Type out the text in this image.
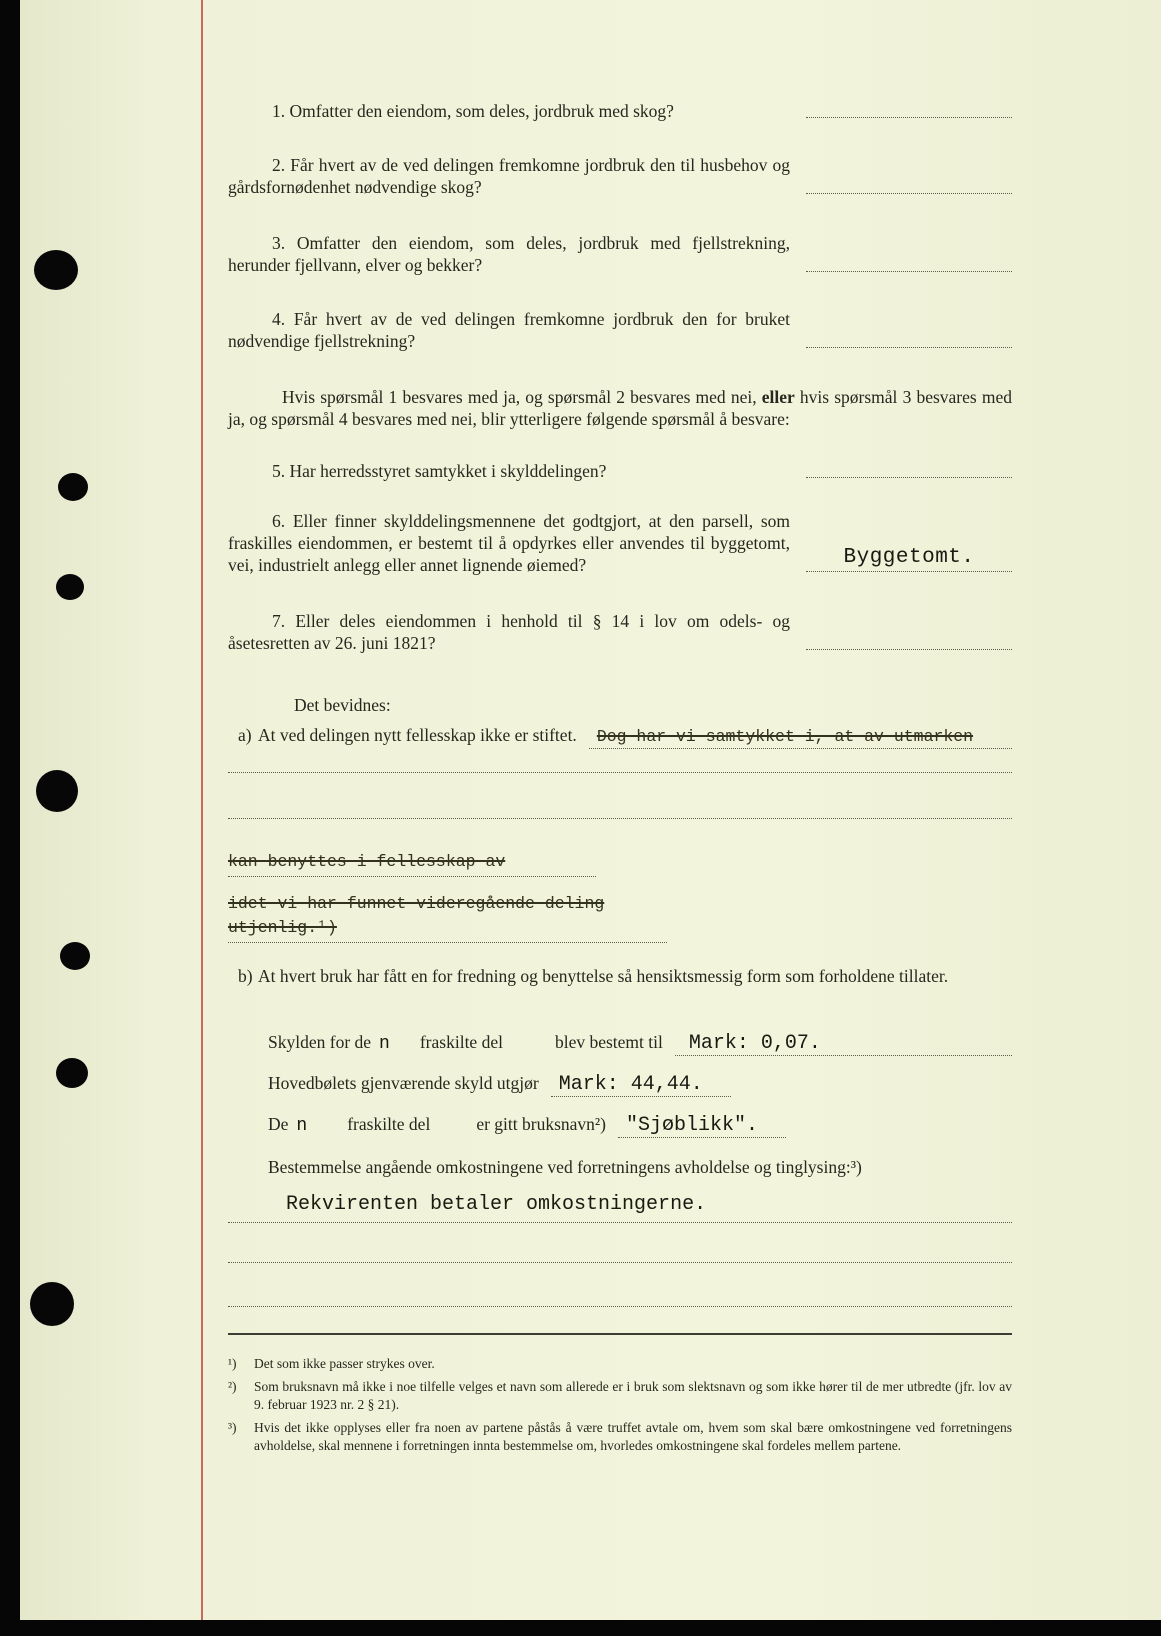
1. Omfatter den eiendom, som deles, jordbruk med skog?
2. Får hvert av de ved delingen fremkomne jordbruk den til husbehov og gårdsfornødenhet nødvendige skog?
3. Omfatter den eiendom, som deles, jordbruk med fjellstrekning, herunder fjellvann, elver og bekker?
4. Får hvert av de ved delingen fremkomne jordbruk den for bruket nødvendige fjellstrekning?
Hvis spørsmål 1 besvares med ja, og spørsmål 2 besvares med nei, eller hvis spørsmål 3 besvares med ja, og spørsmål 4 besvares med nei, blir ytterligere følgende spørsmål å besvare:
5. Har herredsstyret samtykket i skylddelingen?
6. Eller finner skylddelingsmennene det godtgjort, at den parsell, som fraskilles eiendommen, er bestemt til å opdyrkes eller anvendes til byggetomt, vei, industrielt anlegg eller annet lignende øiemed?	Byggetomt.
7. Eller deles eiendommen i henhold til § 14 i lov om odels- og åsetesretten av 26. juni 1821?
Det bevidnes:
a) At ved delingen nytt fellesskap ikke er stiftet.	Dog har vi samtykket i, at av utmarken
kan benyttes i fellesskap av
idet vi har funnet videregående deling utjenlig.¹)
b) At hvert bruk har fått en for fredning og benyttelse så hensiktsmessig form som forholdene tillater.
Skylden for de n fraskilte del	blev bestemt til	Mark: 0,07.
Hovedbølets gjenværende skyld utgjør	Mark: 44,44.
De n fraskilte del	er gitt bruksnavn²)	"Sjøblikk".
Bestemmelse angående omkostningene ved forretningens avholdelse og tinglysing:³)
Rekvirenten betaler omkostningerne.
¹)	Det som ikke passer strykes over.
²)	Som bruksnavn må ikke i noe tilfelle velges et navn som allerede er i bruk som slektsnavn og som ikke hører til de mer utbredte (jfr. lov av 9. februar 1923 nr. 2 § 21).
³)	Hvis det ikke opplyses eller fra noen av partene påstås å være truffet avtale om, hvem som skal bære omkostningene ved forretningens avholdelse, skal mennene i forretningen innta bestemmelse om, hvorledes omkostningene skal fordeles mellem partene.
